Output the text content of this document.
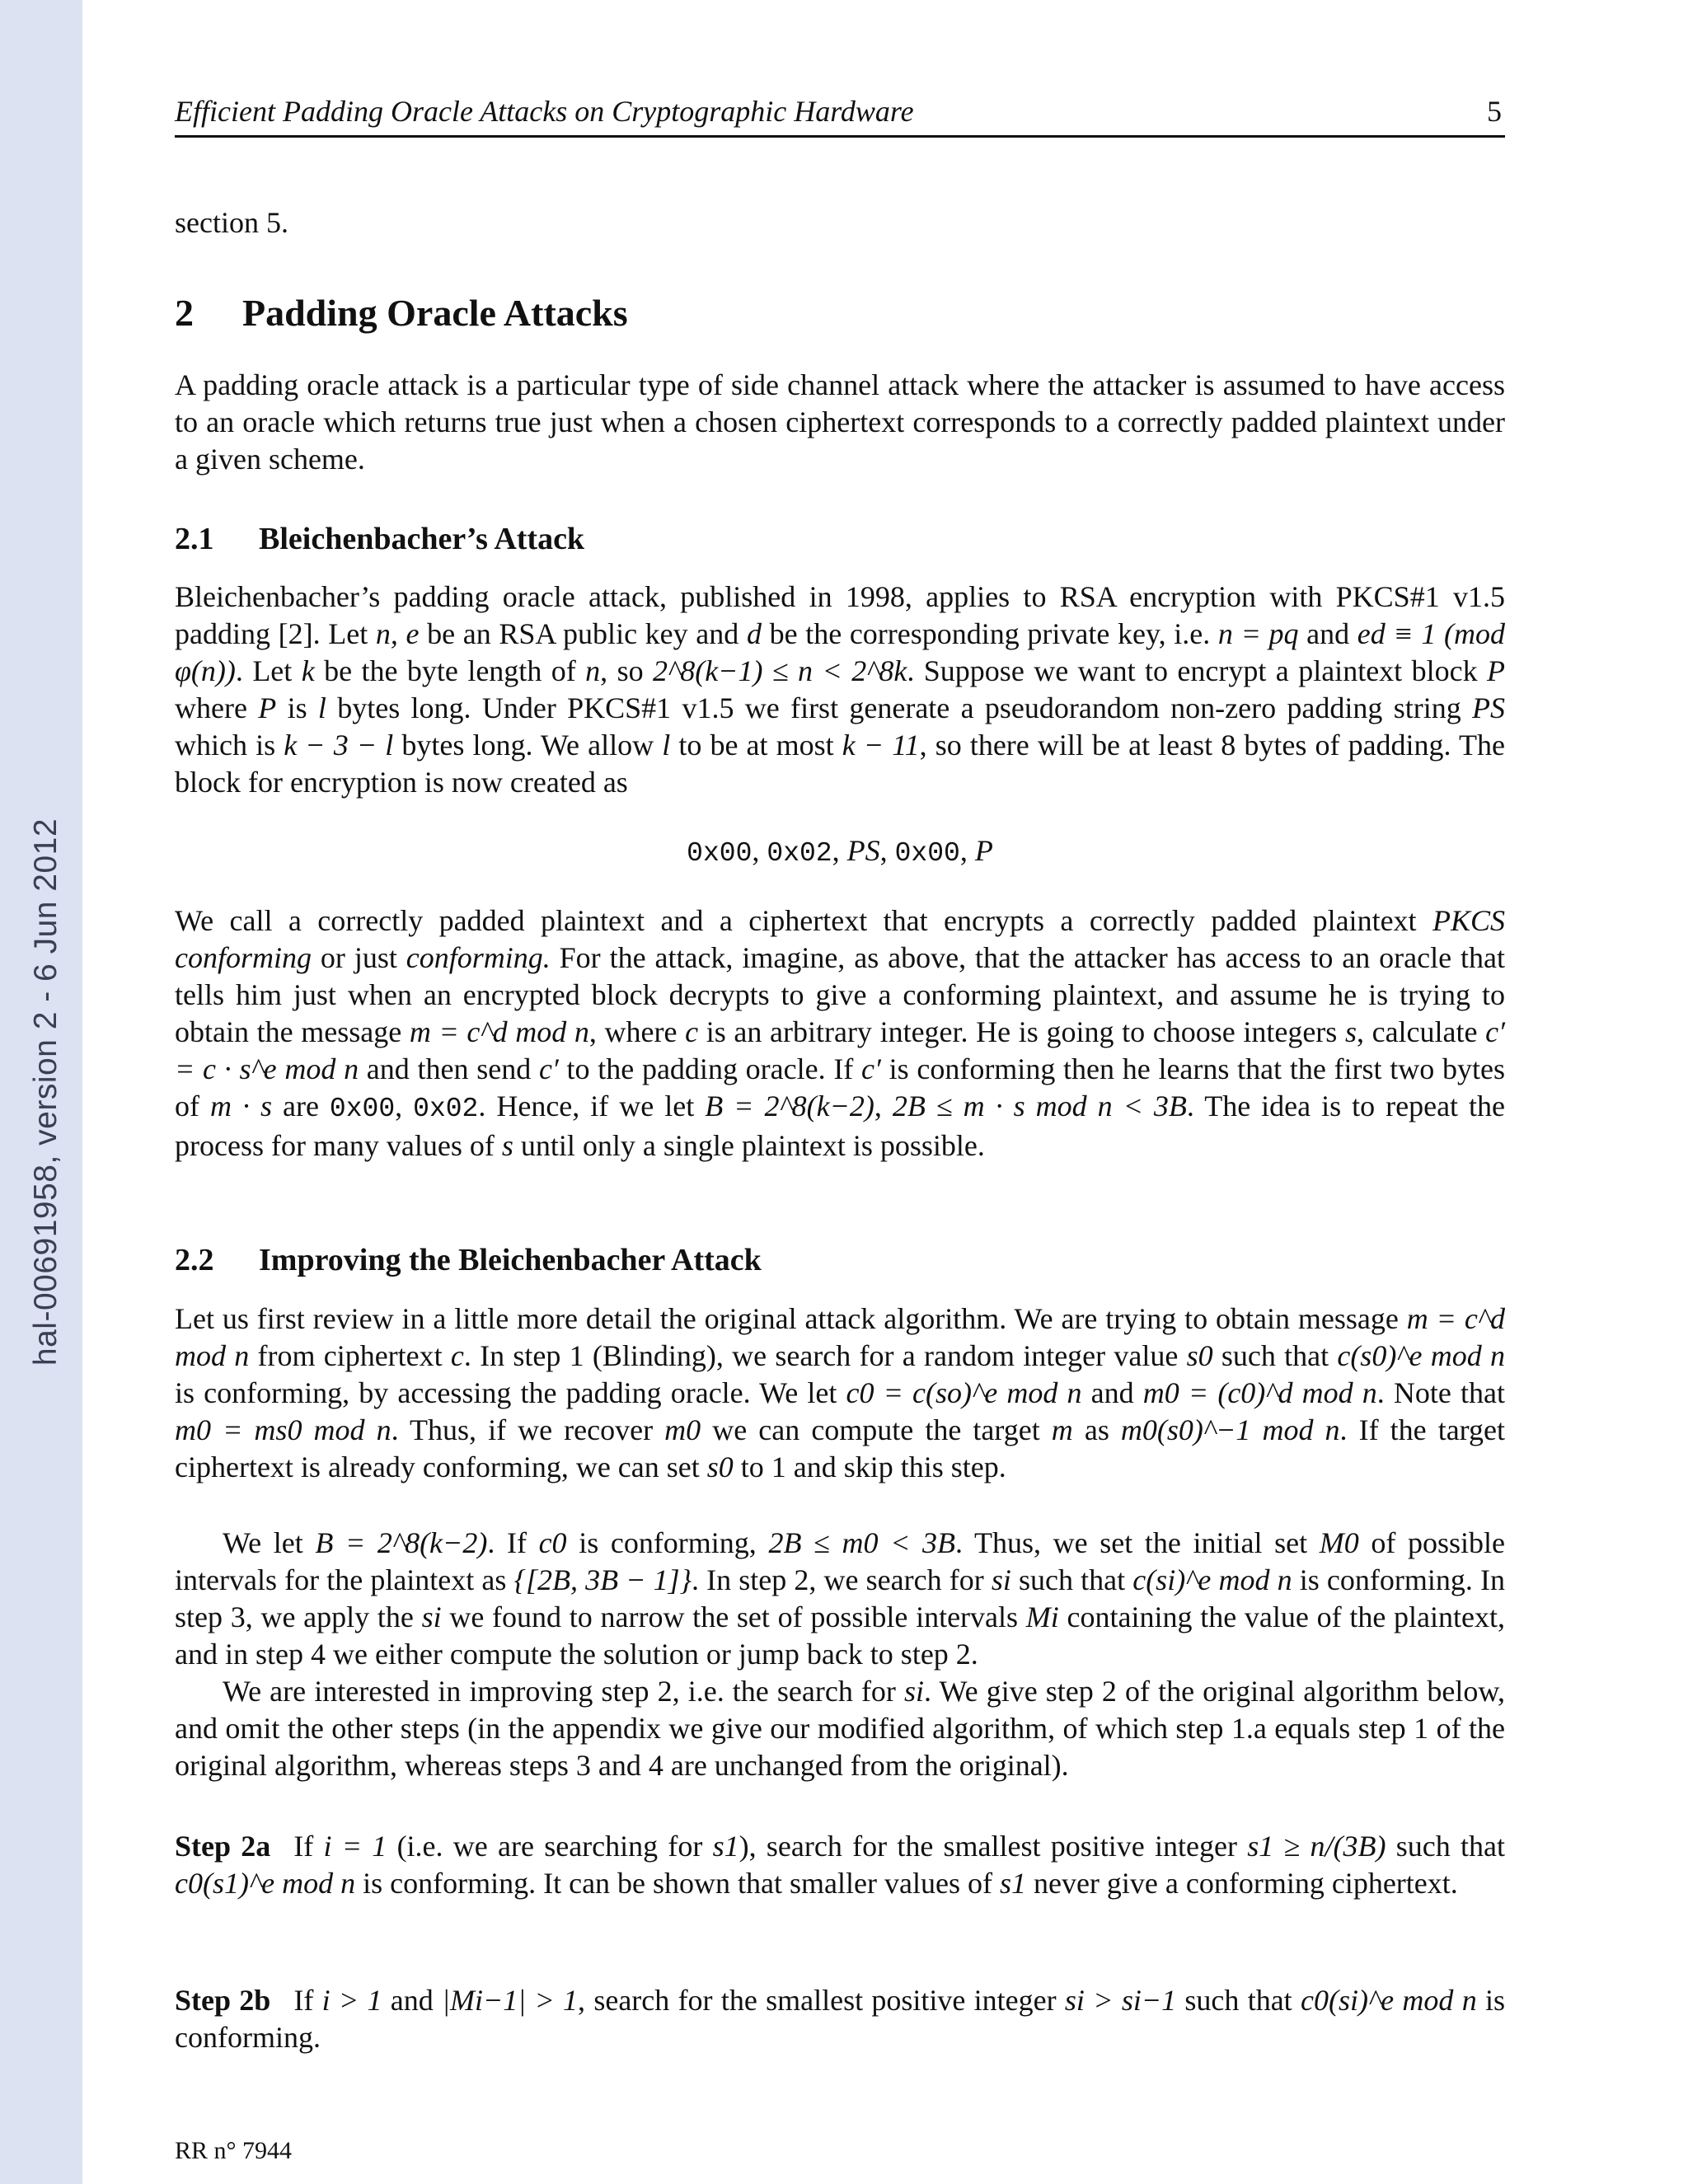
hal-00691958, version 2 - 6 Jun 2012
Efficient Padding Oracle Attacks on Cryptographic Hardware	5

section 5.

2 Padding Oracle Attacks

A padding oracle attack is a particular type of side channel attack where the attacker is assumed to have access to an oracle which returns true just when a chosen ciphertext corresponds to a correctly padded plaintext under a given scheme.

2.1 Bleichenbacher’s Attack

Bleichenbacher’s padding oracle attack, published in 1998, applies to RSA encryption with PKCS#1 v1.5 padding [2]. Let n, e be an RSA public key and d be the corresponding private key, i.e. n = pq and ed ≡ 1 (mod φ(n)). Let k be the byte length of n, so 2^8(k−1) ≤ n < 2^8k. Suppose we want to encrypt a plaintext block P where P is l bytes long. Under PKCS#1 v1.5 we first generate a pseudorandom non-zero padding string PS which is k − 3 − l bytes long. We allow l to be at most k − 11, so there will be at least 8 bytes of padding. The block for encryption is now created as

0x00, 0x02, PS, 0x00, P

We call a correctly padded plaintext and a ciphertext that encrypts a correctly padded plaintext PKCS conforming or just conforming. For the attack, imagine, as above, that the attacker has access to an oracle that tells him just when an encrypted block decrypts to give a conforming plaintext, and assume he is trying to obtain the message m = c^d mod n, where c is an arbitrary integer. He is going to choose integers s, calculate c′ = c · s^e mod n and then send c′ to the padding oracle. If c′ is conforming then he learns that the first two bytes of m · s are 0x00, 0x02. Hence, if we let B = 2^8(k−2), 2B ≤ m · s mod n < 3B. The idea is to repeat the process for many values of s until only a single plaintext is possible.

2.2 Improving the Bleichenbacher Attack

Let us first review in a little more detail the original attack algorithm. We are trying to obtain message m = c^d mod n from ciphertext c. In step 1 (Blinding), we search for a random integer value s0 such that c(s0)^e mod n is conforming, by accessing the padding oracle. We let c0 = c(so)^e mod n and m0 = (c0)^d mod n. Note that m0 = ms0 mod n. Thus, if we recover m0 we can compute the target m as m0(s0)^−1 mod n. If the target ciphertext is already conforming, we can set s0 to 1 and skip this step.

We let B = 2^8(k−2). If c0 is conforming, 2B ≤ m0 < 3B. Thus, we set the initial set M0 of possible intervals for the plaintext as {[2B, 3B − 1]}. In step 2, we search for si such that c(si)^e mod n is conforming. In step 3, we apply the si we found to narrow the set of possible intervals Mi containing the value of the plaintext, and in step 4 we either compute the solution or jump back to step 2.

We are interested in improving step 2, i.e. the search for si. We give step 2 of the original algorithm below, and omit the other steps (in the appendix we give our modified algorithm, of which step 1.a equals step 1 of the original algorithm, whereas steps 3 and 4 are unchanged from the original).

Step 2a If i = 1 (i.e. we are searching for s1), search for the smallest positive integer s1 ≥ n/(3B) such that c0(s1)^e mod n is conforming. It can be shown that smaller values of s1 never give a conforming ciphertext.

Step 2b If i > 1 and |Mi−1| > 1, search for the smallest positive integer si > si−1 such that c0(si)^e mod n is conforming.

RR n° 7944
